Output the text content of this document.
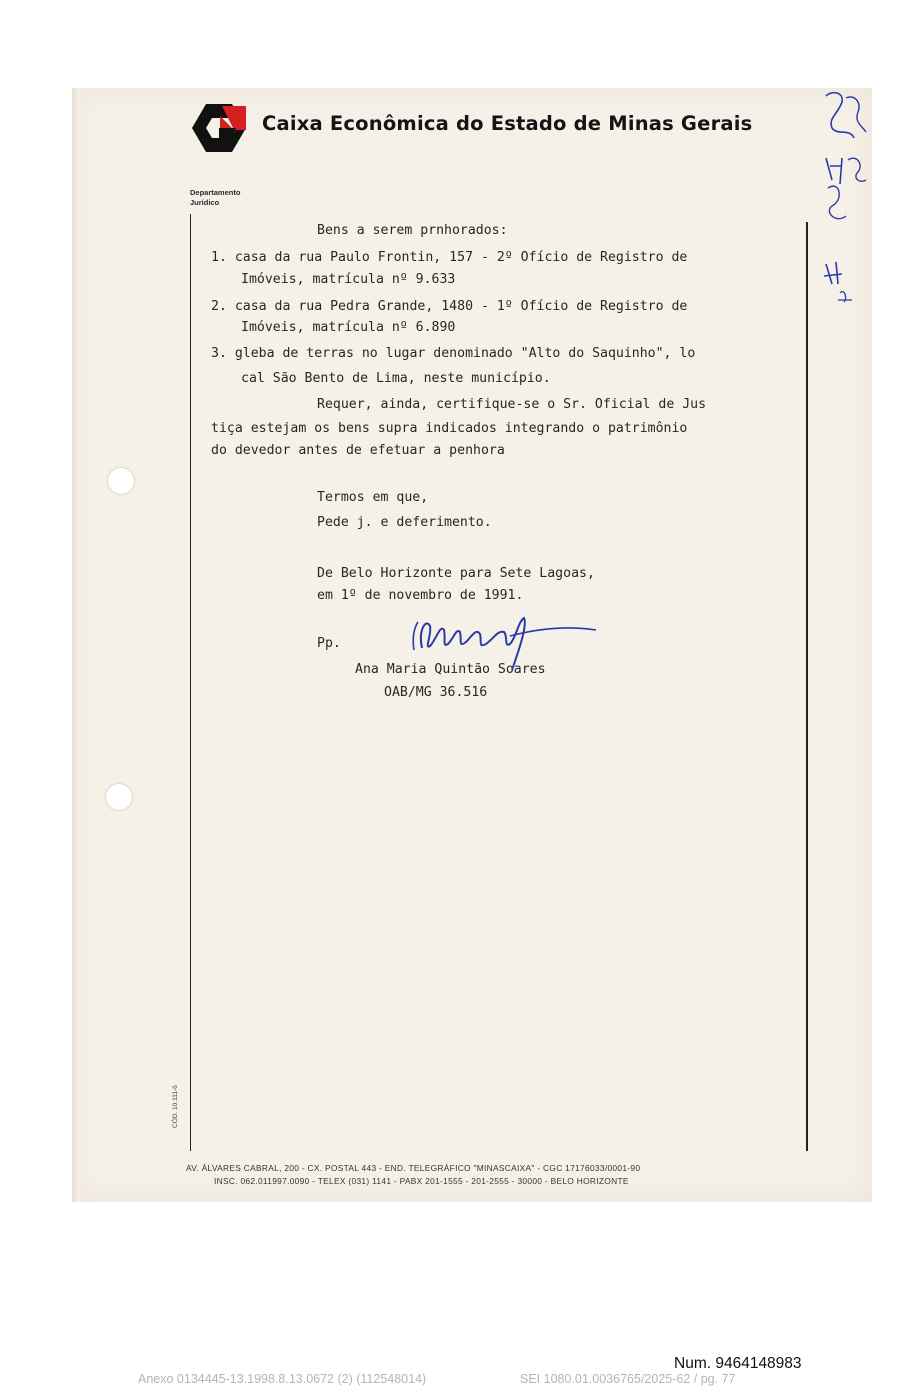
Caixa Econômica do Estado de Minas Gerais
Departamento
Jurídico
Bens a serem prnhorados:
1. casa da rua Paulo Frontin, 157 - 2º Ofício de Registro de
Imóveis, matrícula nº 9.633
2. casa da rua Pedra Grande, 1480 - 1º Ofício de Registro de
Imóveis, matrícula nº 6.890
3. gleba de terras no lugar denominado "Alto do Saquinho", lo
cal São Bento de Lima, neste município.
Requer, ainda, certifique-se o Sr. Oficial de Jus
tiça estejam os bens supra indicados integrando o patrimônio
do devedor antes de efetuar a penhora
Termos em que,
Pede j. e deferimento.
De Belo Horizonte para Sete Lagoas,
em 1º de novembro de 1991.
Pp.
Ana Maria Quintão Soares
OAB/MG 36.516
CÓD. 10.111-6
AV. ÁLVARES CABRAL, 200 - CX. POSTAL 443 - END. TELEGRÁFICO "MINASCAIXA" - CGC 17176033/0001-90
INSC. 062.011997.0090 - TELEX (031) 1141 - PABX 201-1555 - 201-2555 - 30000 - BELO HORIZONTE
Num. 9464148983
Anexo 0134445-13.1998.8.13.0672 (2) (112548014)	SEI 1080.01.0036765/2025-62 / pg. 77
